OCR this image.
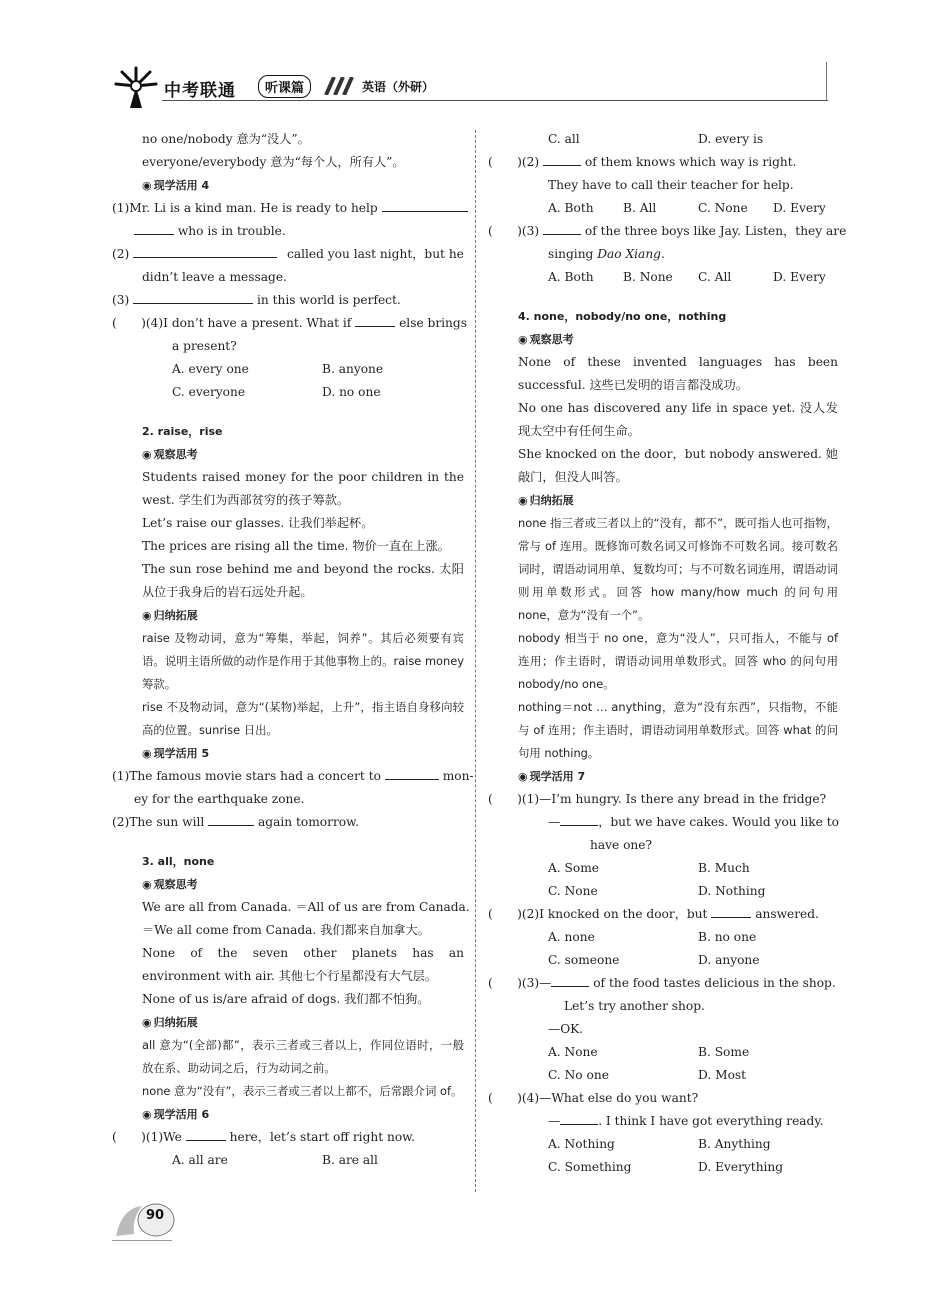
中考联通	听课篇	英语（外研）
no one/nobody 意为“没人”。
everyone/everybody 意为“每个人，所有人”。
◉ 现学活用 4
(1)Mr. Li is a kind man. He is ready to help
who is in trouble.
(2)	called you last night，but he
didn’t leave a message.
(3)	in this world is perfect.
(　　)(4)I don’t have a present. What if	else brings
a present?
A. every one	B. anyone
C. everyone	D. no one
2. raise，rise
◉ 观察思考
Students raised money for the poor children in the west. 学生们为西部贫穷的孩子筹款。
Let’s raise our glasses. 让我们举起杯。
The prices are rising all the time. 物价一直在上涨。
The sun rose behind me and beyond the rocks. 太阳从位于我身后的岩石远处升起。
◉ 归纳拓展
raise 及物动词，意为“筹集，举起，饲养”。其后必须要有宾语。说明主语所做的动作是作用于其他事物上的。raise money 筹款。
rise 不及物动词，意为“(某物)举起，上升”，指主语自身移向较高的位置。sunrise 日出。
◉ 现学活用 5
(1)The famous movie stars had a concert to	mon-
ey for the earthquake zone.
(2)The sun will	again tomorrow.
3. all，none
◉ 观察思考
We are all from Canada. ＝All of us are from Canada.
＝We all come from Canada. 我们都来自加拿大。
None of the seven other planets has an environment with air. 其他七个行星都没有大气层。
None of us is/are afraid of dogs. 我们都不怕狗。
◉ 归纳拓展
all 意为“(全部)都”，表示三者或三者以上，作同位语时，一般放在系、助动词之后，行为动词之前。
none 意为“没有”，表示三者或三者以上都不，后常跟介词 of。
◉ 现学活用 6
(　　)(1)We	here，let’s start off right now.
A. all are	B. are all
C. all	D. every is
(　　)(2)	of them knows which way is right.
They have to call their teacher for help.
A. Both	B. All	C. None	D. Every
(　　)(3)	of the three boys like Jay. Listen，they are
singing Dao Xiang.
A. Both	B. None	C. All	D. Every
4. none，nobody/no one，nothing
◉ 观察思考
None of these invented languages has been successful. 这些已发明的语言都没成功。
No one has discovered any life in space yet. 没人发现太空中有任何生命。
She knocked on the door，but nobody answered. 她敲门，但没人叫答。
◉ 归纳拓展
none 指三者或三者以上的“没有，都不”，既可指人也可指物，常与 of 连用。既修饰可数名词又可修饰不可数名词。接可数名词时，谓语动词用单、复数均可；与不可数名词连用，谓语动词则用单数形式。回答 how many/how much 的问句用 none，意为“没有一个”。
nobody 相当于 no one，意为“没人”，只可指人，不能与 of 连用；作主语时，谓语动词用单数形式。回答 who 的问句用 nobody/no one。
nothing＝not … anything，意为“没有东西”，只指物，不能与 of 连用；作主语时，谓语动词用单数形式。回答 what 的问句用 nothing。
◉ 现学活用 7
(　　)(1)—I’m hungry. Is there any bread in the fridge?
—	，but we have cakes. Would you like to
have one?
A. Some	B. Much
C. None	D. Nothing
(　　)(2)I knocked on the door，but	answered.
A. none	B. no one
C. someone	D. anyone
(　　)(3)—	of the food tastes delicious in the shop.
Let’s try another shop.
—OK.
A. None	B. Some
C. No one	D. Most
(　　)(4)—What else do you want?
—	. I think I have got everything ready.
A. Nothing	B. Anything
C. Something	D. Everything
90
